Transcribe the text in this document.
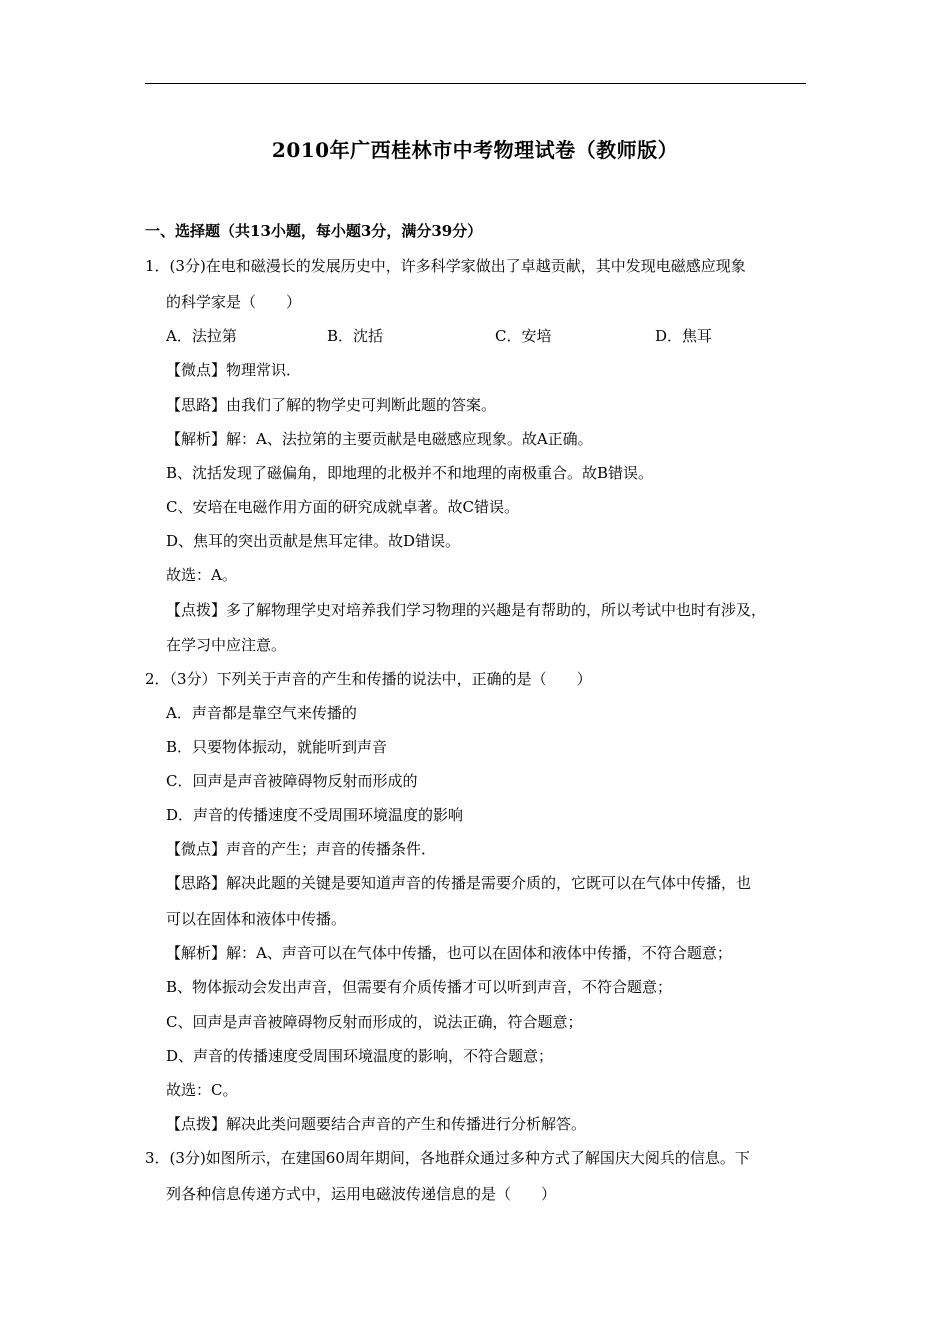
2010年广西桂林市中考物理试卷（教师版）
一、选择题（共13小题，每小题3分，满分39分）
1．(3分)在电和磁漫长的发展历史中，许多科学家做出了卓越贡献，其中发现电磁感应现象
的科学家是（　　）
A．法拉第	B．沈括	C．安培	D．焦耳
【微点】物理常识．
【思路】由我们了解的物学史可判断此题的答案。
【解析】解：A、法拉第的主要贡献是电磁感应现象。故A正确。
B、沈括发现了磁偏角，即地理的北极并不和地理的南极重合。故B错误。
C、安培在电磁作用方面的研究成就卓著。故C错误。
D、焦耳的突出贡献是焦耳定律。故D错误。
故选：A。
【点拨】多了解物理学史对培养我们学习物理的兴趣是有帮助的，所以考试中也时有涉及，
在学习中应注意。
2．（3分）下列关于声音的产生和传播的说法中，正确的是（　　）
A．声音都是靠空气来传播的
B．只要物体振动，就能听到声音
C．回声是声音被障碍物反射而形成的
D．声音的传播速度不受周围环境温度的影响
【微点】声音的产生；声音的传播条件．
【思路】解决此题的关键是要知道声音的传播是需要介质的，它既可以在气体中传播，也
可以在固体和液体中传播。
【解析】解：A、声音可以在气体中传播，也可以在固体和液体中传播，不符合题意；
B、物体振动会发出声音，但需要有介质传播才可以听到声音，不符合题意；
C、回声是声音被障碍物反射而形成的，说法正确，符合题意；
D、声音的传播速度受周围环境温度的影响，不符合题意；
故选：C。
【点拨】解决此类问题要结合声音的产生和传播进行分析解答。
3．(3分)如图所示，在建国60周年期间，各地群众通过多种方式了解国庆大阅兵的信息。下
列各种信息传递方式中，运用电磁波传递信息的是（　　）
